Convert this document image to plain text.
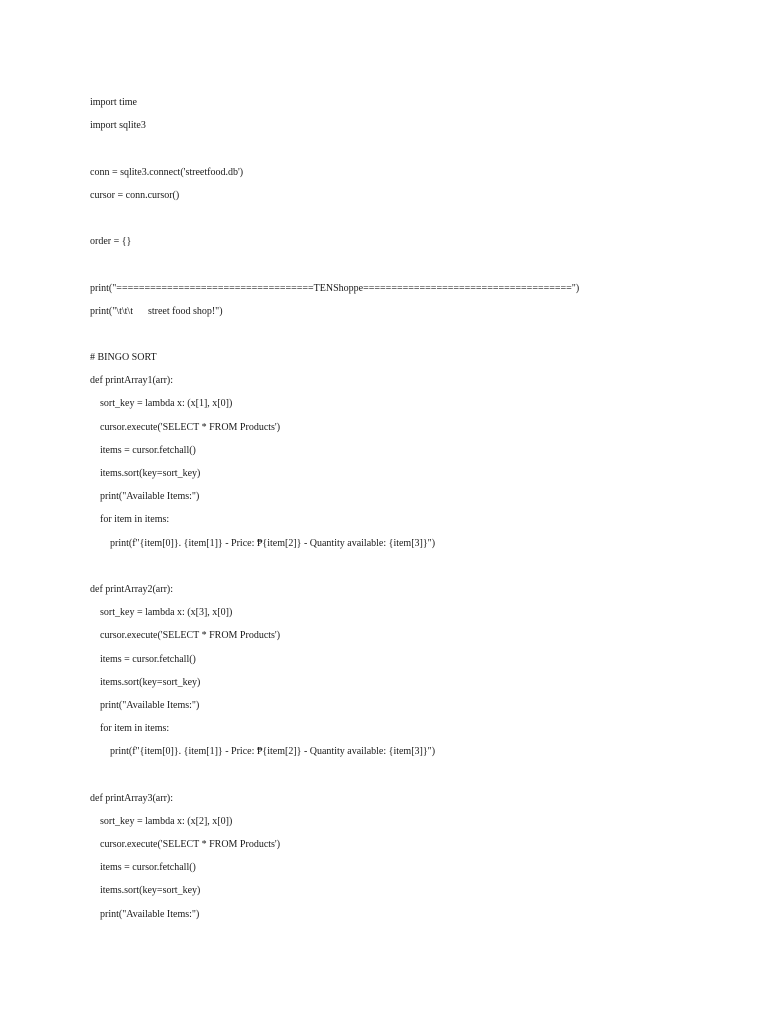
import time
import sqlite3
conn = sqlite3.connect('streetfood.db')
cursor = conn.cursor()
order = {}
print("===================================TENShoppe=====================================")
print("\t\t\t      street food shop!")
# BINGO SORT
def printArray1(arr):
sort_key = lambda x: (x[1], x[0])
cursor.execute('SELECT * FROM Products')
items = cursor.fetchall()
items.sort(key=sort_key)
print("Available Items:")
for item in items:
print(f"{item[0]}. {item[1]} - Price: ₱{item[2]} - Quantity available: {item[3]}")
def printArray2(arr):
sort_key = lambda x: (x[3], x[0])
cursor.execute('SELECT * FROM Products')
items = cursor.fetchall()
items.sort(key=sort_key)
print("Available Items:")
for item in items:
print(f"{item[0]}. {item[1]} - Price: ₱{item[2]} - Quantity available: {item[3]}")
def printArray3(arr):
sort_key = lambda x: (x[2], x[0])
cursor.execute('SELECT * FROM Products')
items = cursor.fetchall()
items.sort(key=sort_key)
print("Available Items:")
